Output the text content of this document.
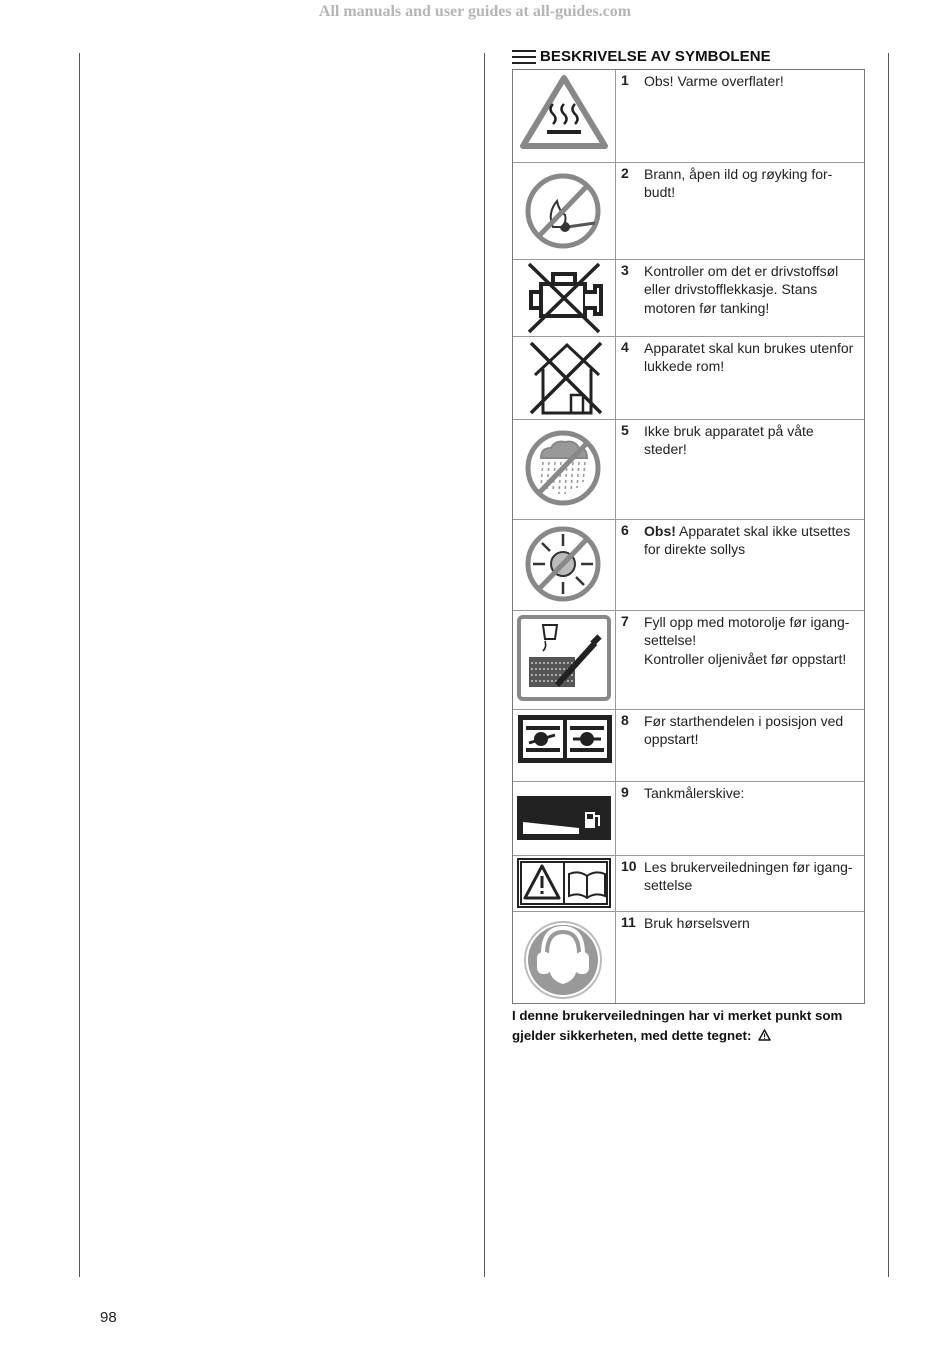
All manuals and user guides at all-guides.com
BESKRIVELSE AV SYMBOLENE
1 Obs! Varme overflater!
2 Brann, åpen ild og røyking for-
budt!
3 Kontroller om det er drivstoffsøl
eller drivstofflekkasje. Stans
motoren før tanking!
4 Apparatet skal kun brukes utenfor
lukkede rom!
5 Ikke bruk apparatet på våte
steder!
6 Obs! Apparatet skal ikke utsettes
for direkte sollys
7 Fyll opp med motorolje før igang-
settelse!
Kontroller oljenivået før oppstart!
8 Før starthendelen i posisjon ved
oppstart!
9 Tankmålerskive:
10 Les brukerveiledningen før igang-
settelse
11 Bruk hørselsvern
I denne brukerveiledningen har vi merket punkt som gjelder sikkerheten, med dette tegnet:
98
